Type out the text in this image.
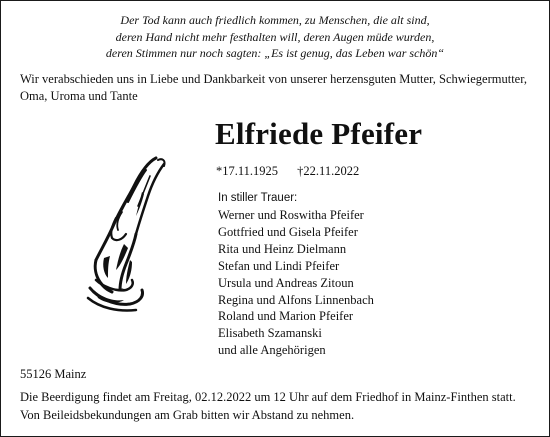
Der Tod kann auch friedlich kommen, zu Menschen, die alt sind,
deren Hand nicht mehr festhalten will, deren Augen müde wurden,
deren Stimmen nur noch sagten: „Es ist genug, das Leben war schön“
Wir verabschieden uns in Liebe und Dankbarkeit von unserer herzensguten Mutter, Schwiegermutter, Oma, Uroma und Tante
Elfriede Pfeifer
*17.11.1925 †22.11.2022
In stiller Trauer:
Werner und Roswitha Pfeifer
Gottfried und Gisela Pfeifer
Rita und Heinz Dielmann
Stefan und Lindi Pfeifer
Ursula und Andreas Zitoun
Regina und Alfons Linnenbach
Roland und Marion Pfeifer
Elisabeth Szamanski
und alle Angehörigen
55126 Mainz
Die Beerdigung findet am Freitag, 02.12.2022 um 12 Uhr auf dem Friedhof in Mainz-Finthen statt.
Von Beileidsbekundungen am Grab bitten wir Abstand zu nehmen.
